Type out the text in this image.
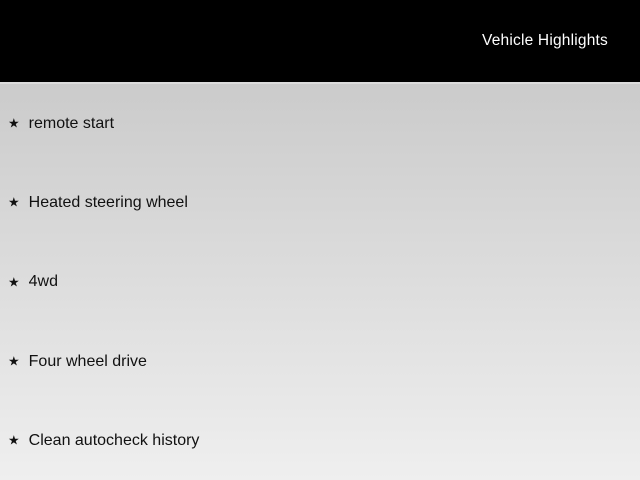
Vehicle Highlights
★ remote start
★ Heated steering wheel
★ 4wd
★ Four wheel drive
★ Clean autocheck history
